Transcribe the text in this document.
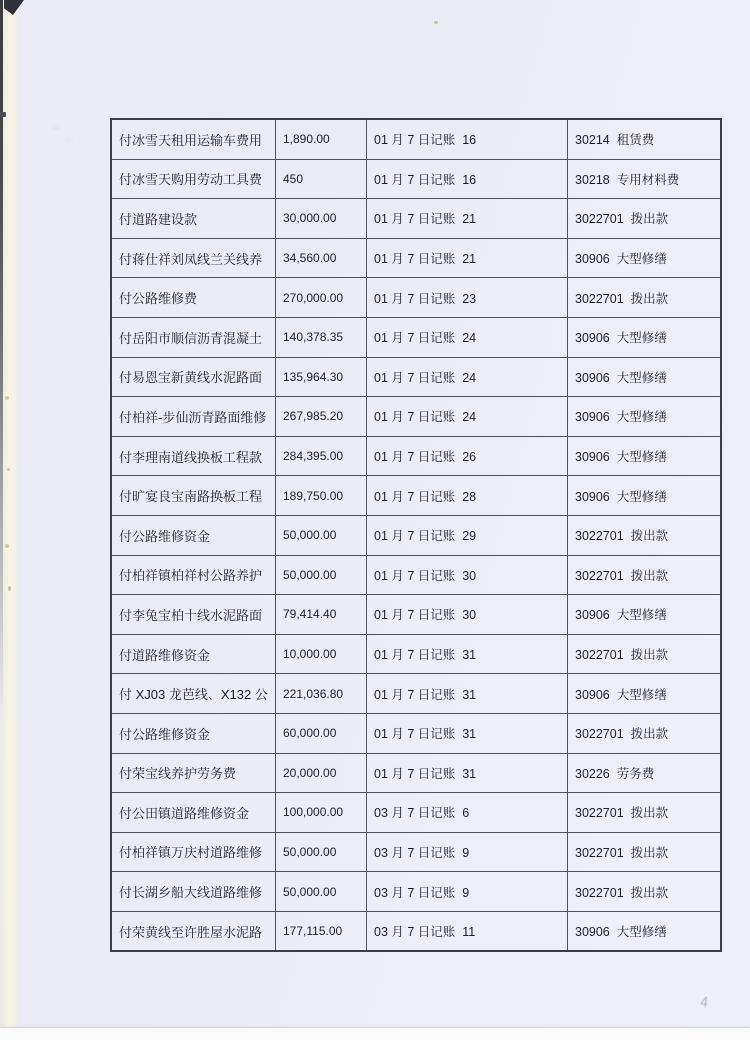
付冰雪天租用运输车费用	1,890.00	01 月 7 日记账  16	30214  租赁费
付冰雪天购用劳动工具费	450	01 月 7 日记账  16	30218  专用材料费
付道路建设款	30,000.00	01 月 7 日记账  21	3022701  拨出款
付蒋仕祥刘凤线兰关线养	34,560.00	01 月 7 日记账  21	30906  大型修缮
付公路维修费	270,000.00	01 月 7 日记账  23	3022701  拨出款
付岳阳市顺信沥青混凝土	140,378.35	01 月 7 日记账  24	30906  大型修缮
付易恩宝新黄线水泥路面	135,964.30	01 月 7 日记账  24	30906  大型修缮
付柏祥-步仙沥青路面维修	267,985.20	01 月 7 日记账  24	30906  大型修缮
付李理南道线换板工程款	284,395.00	01 月 7 日记账  26	30906  大型修缮
付旷宴良宝南路换板工程	189,750.00	01 月 7 日记账  28	30906  大型修缮
付公路维修资金	50,000.00	01 月 7 日记账  29	3022701  拨出款
付柏祥镇柏祥村公路养护	50,000.00	01 月 7 日记账  30	3022701  拨出款
付李兔宝柏十线水泥路面	79,414.40	01 月 7 日记账  30	30906  大型修缮
付道路维修资金	10,000.00	01 月 7 日记账  31	3022701  拨出款
付 XJ03 龙芭线、X132 公	221,036.80	01 月 7 日记账  31	30906  大型修缮
付公路维修资金	60,000.00	01 月 7 日记账  31	3022701  拨出款
付荣宝线养护劳务费	20,000.00	01 月 7 日记账  31	30226  劳务费
付公田镇道路维修资金	100,000.00	03 月 7 日记账  6	3022701  拨出款
付柏祥镇万庆村道路维修	50,000.00	03 月 7 日记账  9	3022701  拨出款
付长湖乡船大线道路维修	50,000.00	03 月 7 日记账  9	3022701  拨出款
付荣黄线至许胜屋水泥路	177,115.00	03 月 7 日记账  11	30906  大型修缮
4
